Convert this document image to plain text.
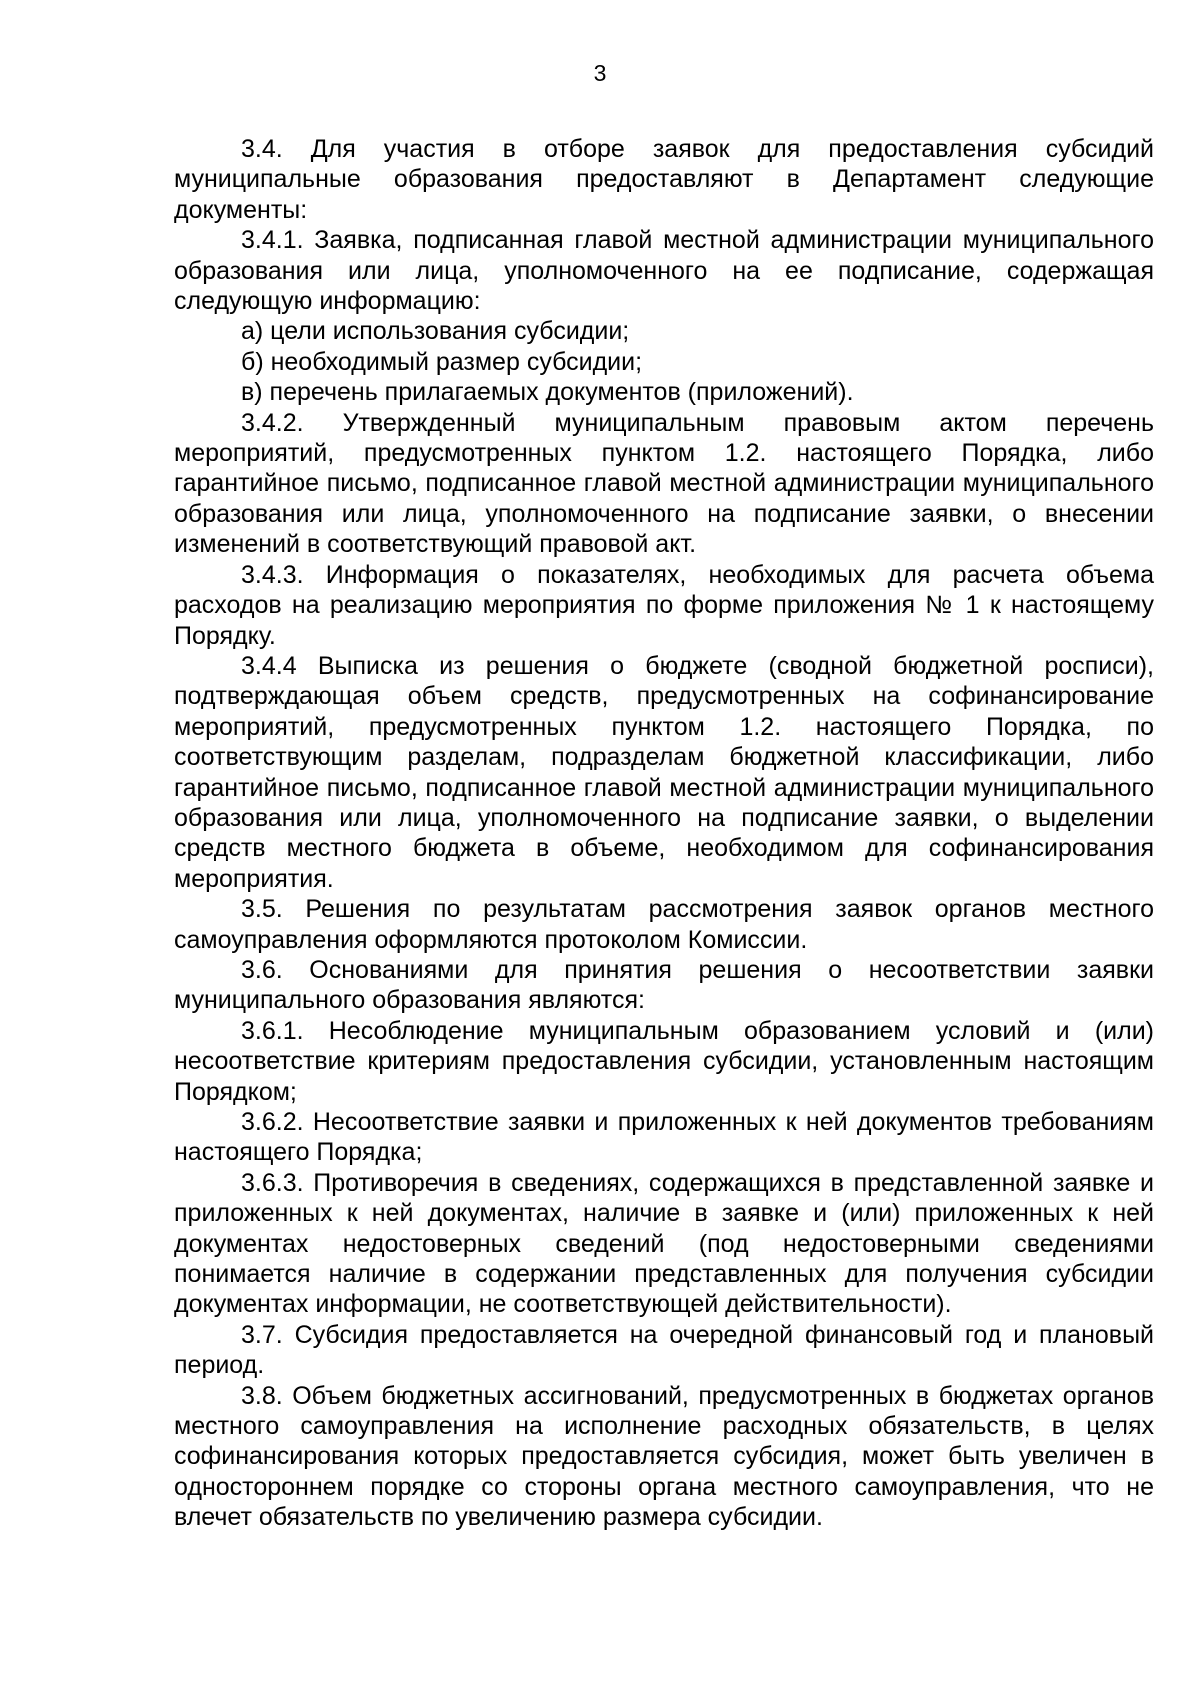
3

3.4. Для участия в отборе заявок для предоставления субсидий муниципальные образования предоставляют в Департамент следующие документы:

3.4.1. Заявка, подписанная главой местной администрации муниципального образования или лица, уполномоченного на ее подписание, содержащая следующую информацию:

а) цели использования субсидии;

б) необходимый размер субсидии;

в) перечень прилагаемых документов (приложений).

3.4.2. Утвержденный муниципальным правовым актом перечень мероприятий, предусмотренных пунктом 1.2. настоящего Порядка, либо гарантийное письмо, подписанное главой местной администрации муниципального образования или лица, уполномоченного на подписание заявки, о внесении изменений в соответствующий правовой акт.

3.4.3. Информация о показателях, необходимых для расчета объема расходов на реализацию мероприятия по форме приложения № 1 к настоящему Порядку.

3.4.4 Выписка из решения о бюджете (сводной бюджетной росписи), подтверждающая объем средств, предусмотренных на софинансирование мероприятий, предусмотренных пунктом 1.2. настоящего Порядка, по соответствующим разделам, подразделам бюджетной классификации, либо гарантийное письмо, подписанное главой местной администрации муниципального образования или лица, уполномоченного на подписание заявки, о выделении средств местного бюджета в объеме, необходимом для софинансирования мероприятия.

3.5. Решения по результатам рассмотрения заявок органов местного самоуправления оформляются протоколом Комиссии.

3.6. Основаниями для принятия решения о несоответствии заявки муниципального образования являются:

3.6.1. Несоблюдение муниципальным образованием условий и (или) несоответствие критериям предоставления субсидии, установленным настоящим Порядком;

3.6.2. Несоответствие заявки и приложенных к ней документов требованиям настоящего Порядка;

3.6.3. Противоречия в сведениях, содержащихся в представленной заявке и приложенных к ней документах, наличие в заявке и (или) приложенных к ней документах недостоверных сведений (под недостоверными сведениями понимается наличие в содержании представленных для получения субсидии документах информации, не соответствующей действительности).

3.7. Субсидия предоставляется на очередной финансовый год и плановый период.

3.8. Объем бюджетных ассигнований, предусмотренных в бюджетах органов местного самоуправления на исполнение расходных обязательств, в целях софинансирования которых предоставляется субсидия, может быть увеличен в одностороннем порядке со стороны органа местного самоуправления, что не влечет обязательств по увеличению размера субсидии.
